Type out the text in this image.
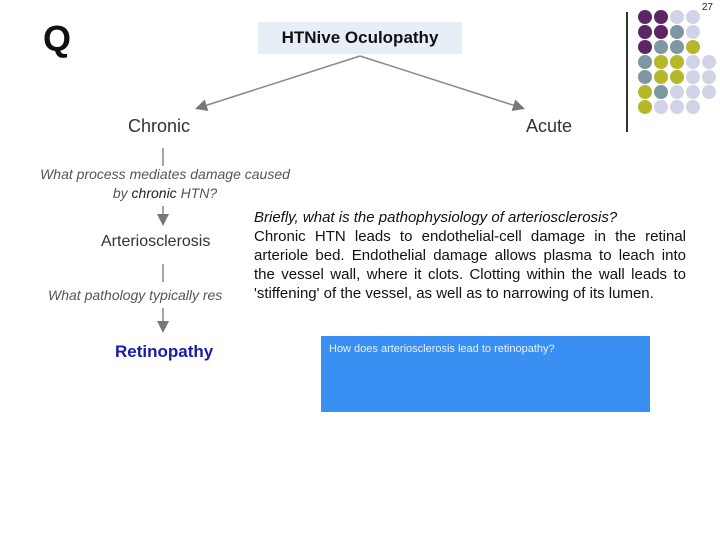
27
Q	HTNive Oculopathy
Chronic	Acute
What process mediates damage caused by chronic HTN?
Arteriosclerosis
What pathology typically res
Retinopathy
Briefly, what is the pathophysiology of arteriosclerosis?
Chronic HTN leads to endothelial-cell damage in the retinal arteriole bed. Endothelial damage allows plasma to leach into the vessel wall, where it clots. Clotting within the wall leads to 'stiffening' of the vessel, as well as to narrowing of its lumen.
How does arteriosclerosis lead to retinopathy?
